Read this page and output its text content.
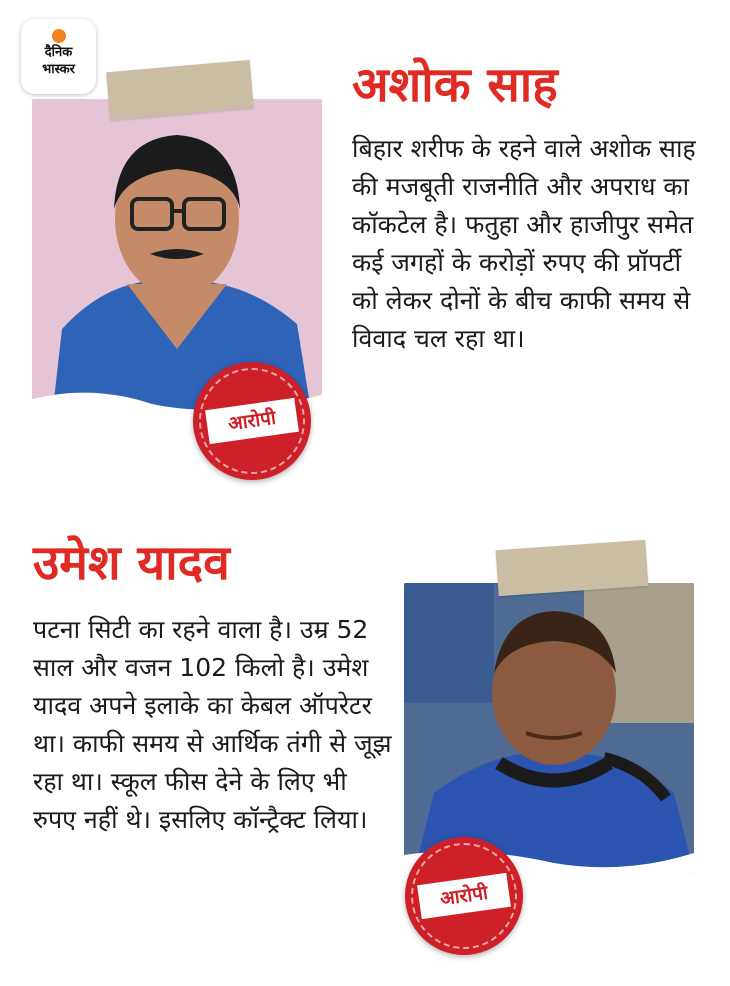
दैनिक
भास्कर	अशोक साह

बिहार शरीफ के रहने वाले अशोक साह की मजबूती राजनीति और अपराध का कॉकटेल है। फतुहा और हाजीपुर समेत कई जगहों के करोड़ों रुपए की प्रॉपर्टी को लेकर दोनों के बीच काफी समय से विवाद चल रहा था।

आरोपी
उमेश यादव

पटना सिटी का रहने वाला है। उम्र 52 साल और वजन 102 किलो है। उमेश यादव अपने इलाके का केबल ऑपरेटर था। काफी समय से आर्थिक तंगी से जूझ रहा था। स्कूल फीस देने के लिए भी रुपए नहीं थे। इसलिए कॉन्ट्रैक्ट लिया।

आरोपी
